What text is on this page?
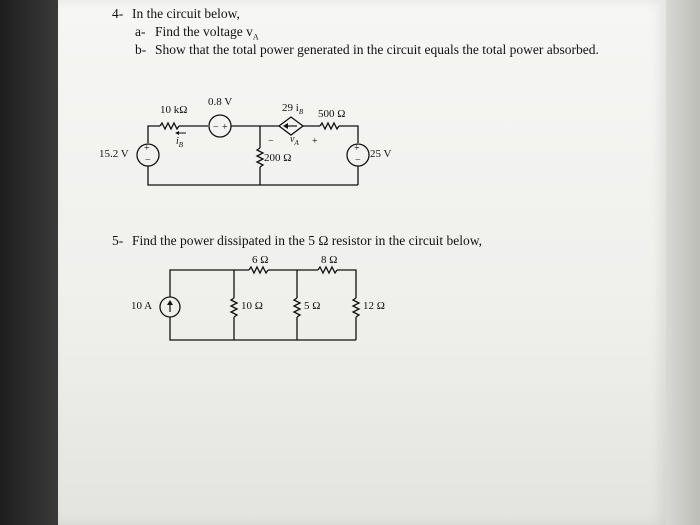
4- In the circuit below,
a- Find the voltage $v_A$
b- Show that the total power generated in the circuit equals the total power absorbed.
5- Find the power dissipated in the 5 Ω resistor in the circuit below,
− +
+
−
+
−
10 kΩ
0.8 V
$i_B$
15.2 V	200 Ω
29 $i_B$ 500 Ω
− $v_A$ +
25 V
10 A
6 Ω	8 Ω
10 Ω	5 Ω	12 Ω
